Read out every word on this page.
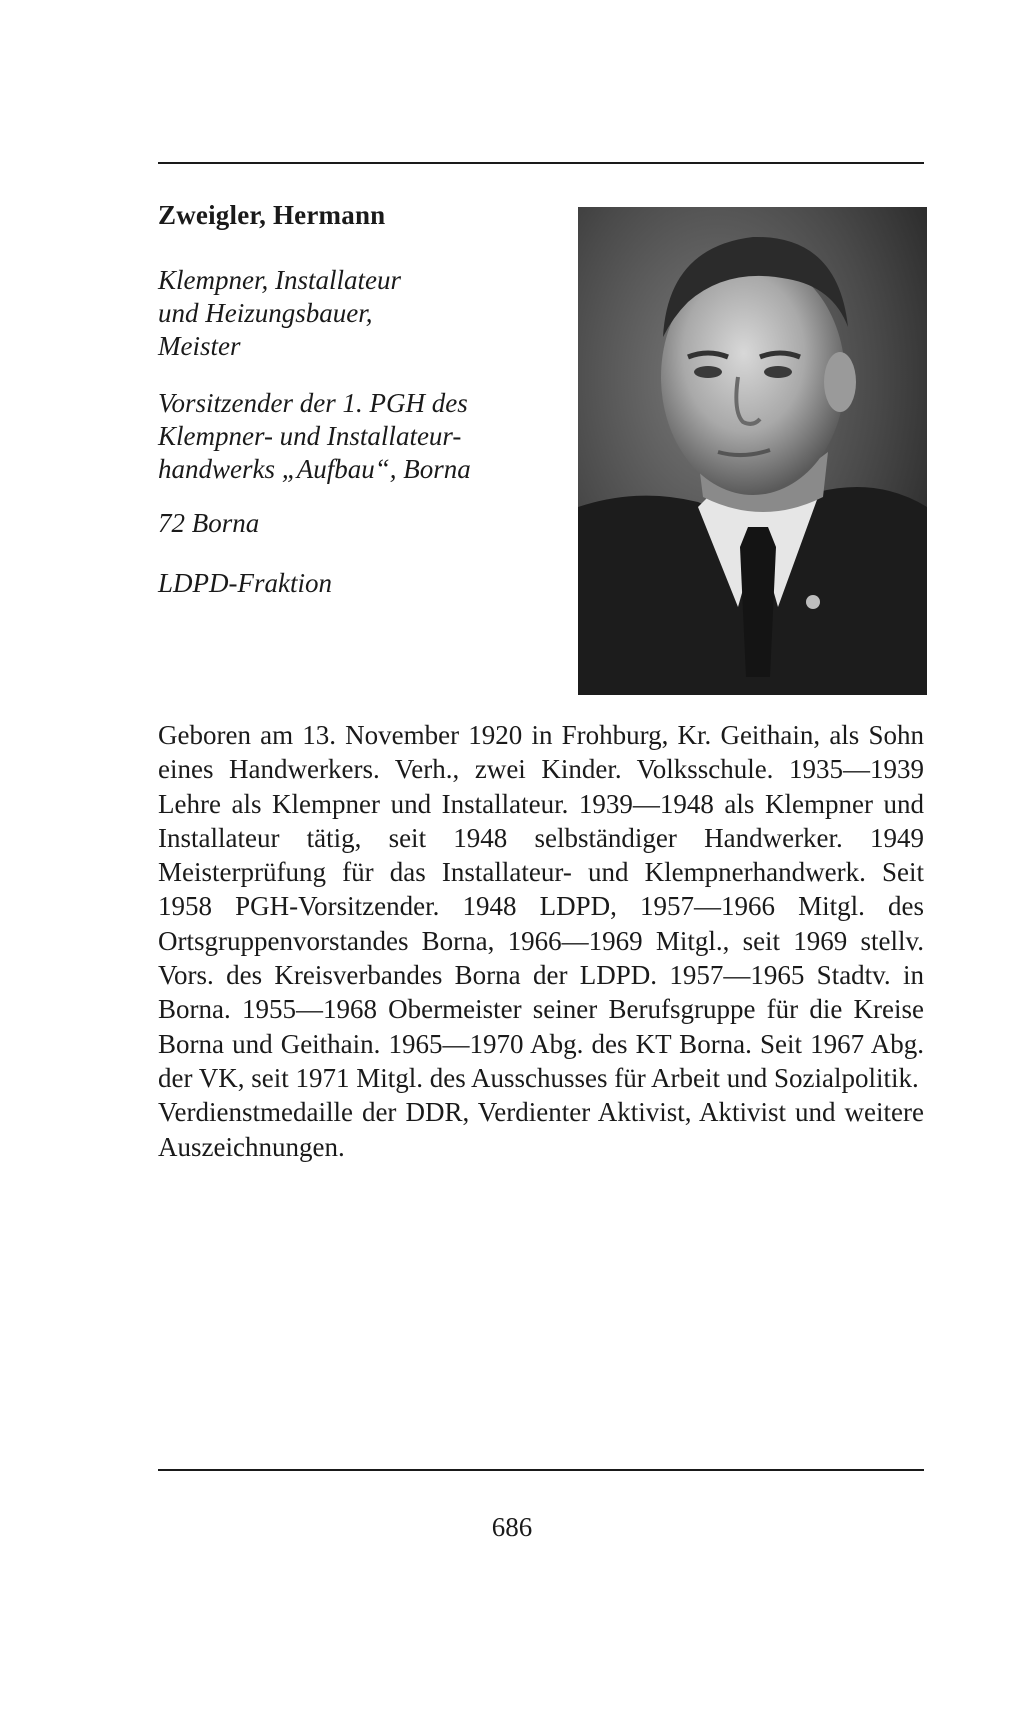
Zweigler, Hermann
Klempner, Installateur
und Heizungsbauer,
Meister
Vorsitzender der 1. PGH des
Klempner- und Installateur-
handwerks „Aufbau“, Borna
72 Borna
LDPD-Fraktion

Geboren am 13. November 1920 in Frohburg, Kr. Geithain, als Sohn eines Handwerkers. Verh., zwei Kinder. Volksschule. 1935—1939 Lehre als Klempner und Installateur. 1939—1948 als Klempner und Installateur tätig, seit 1948 selbständiger Handwerker. 1949 Meisterprüfung für das Installateur- und Klempnerhandwerk. Seit 1958 PGH-Vorsitzender. 1948 LDPD, 1957—1966 Mitgl. des Ortsgruppenvorstandes Borna, 1966—1969 Mitgl., seit 1969 stellv. Vors. des Kreisverbandes Borna der LDPD. 1957—1965 Stadtv. in Borna. 1955—1968 Obermeister seiner Berufsgruppe für die Kreise Borna und Geithain. 1965—1970 Abg. des KT Borna. Seit 1967 Abg. der VK, seit 1971 Mitgl. des Ausschusses für Arbeit und Sozialpolitik.

Verdienstmedaille der DDR, Verdienter Aktivist, Aktivist und weitere Auszeichnungen.

686
